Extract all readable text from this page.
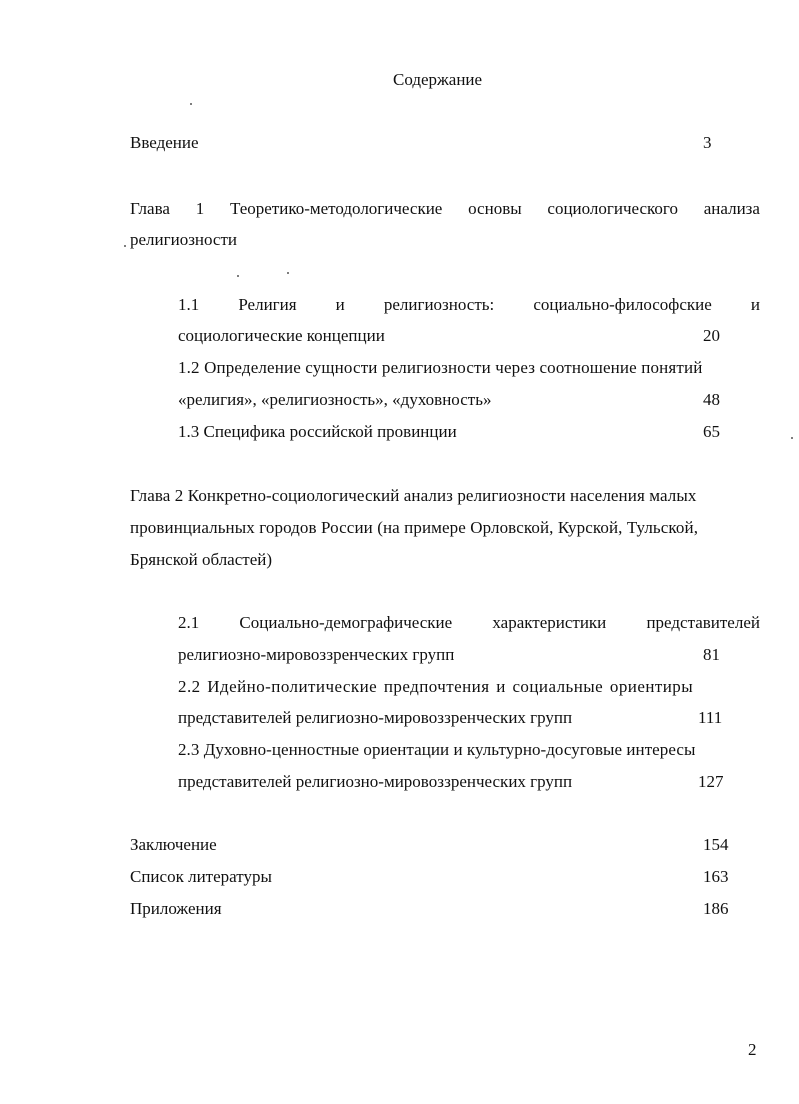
Содержание
Введение	3
Глава 1 Теоретико-методологические основы социологического анализа
религиозности
1.1 Религия и религиозность: социально-философские и
социологические концепции	20
1.2 Определение сущности религиозности через соотношение понятий
«религия», «религиозность», «духовность»	48
1.3 Специфика российской провинции	65
Глава 2 Конкретно-социологический анализ религиозности населения малых
провинциальных городов России (на примере Орловской, Курской, Тульской,
Брянской областей)
2.1 Социально-демографические характеристики представителей
религиозно-мировоззренческих групп	81
2.2 Идейно-политические предпочтения и социальные ориентиры
представителей религиозно-мировоззренческих групп	111
2.3 Духовно-ценностные ориентации и культурно-досуговые интересы
представителей религиозно-мировоззренческих групп	127
Заключение	154
Список литературы	163
Приложения	186
2
